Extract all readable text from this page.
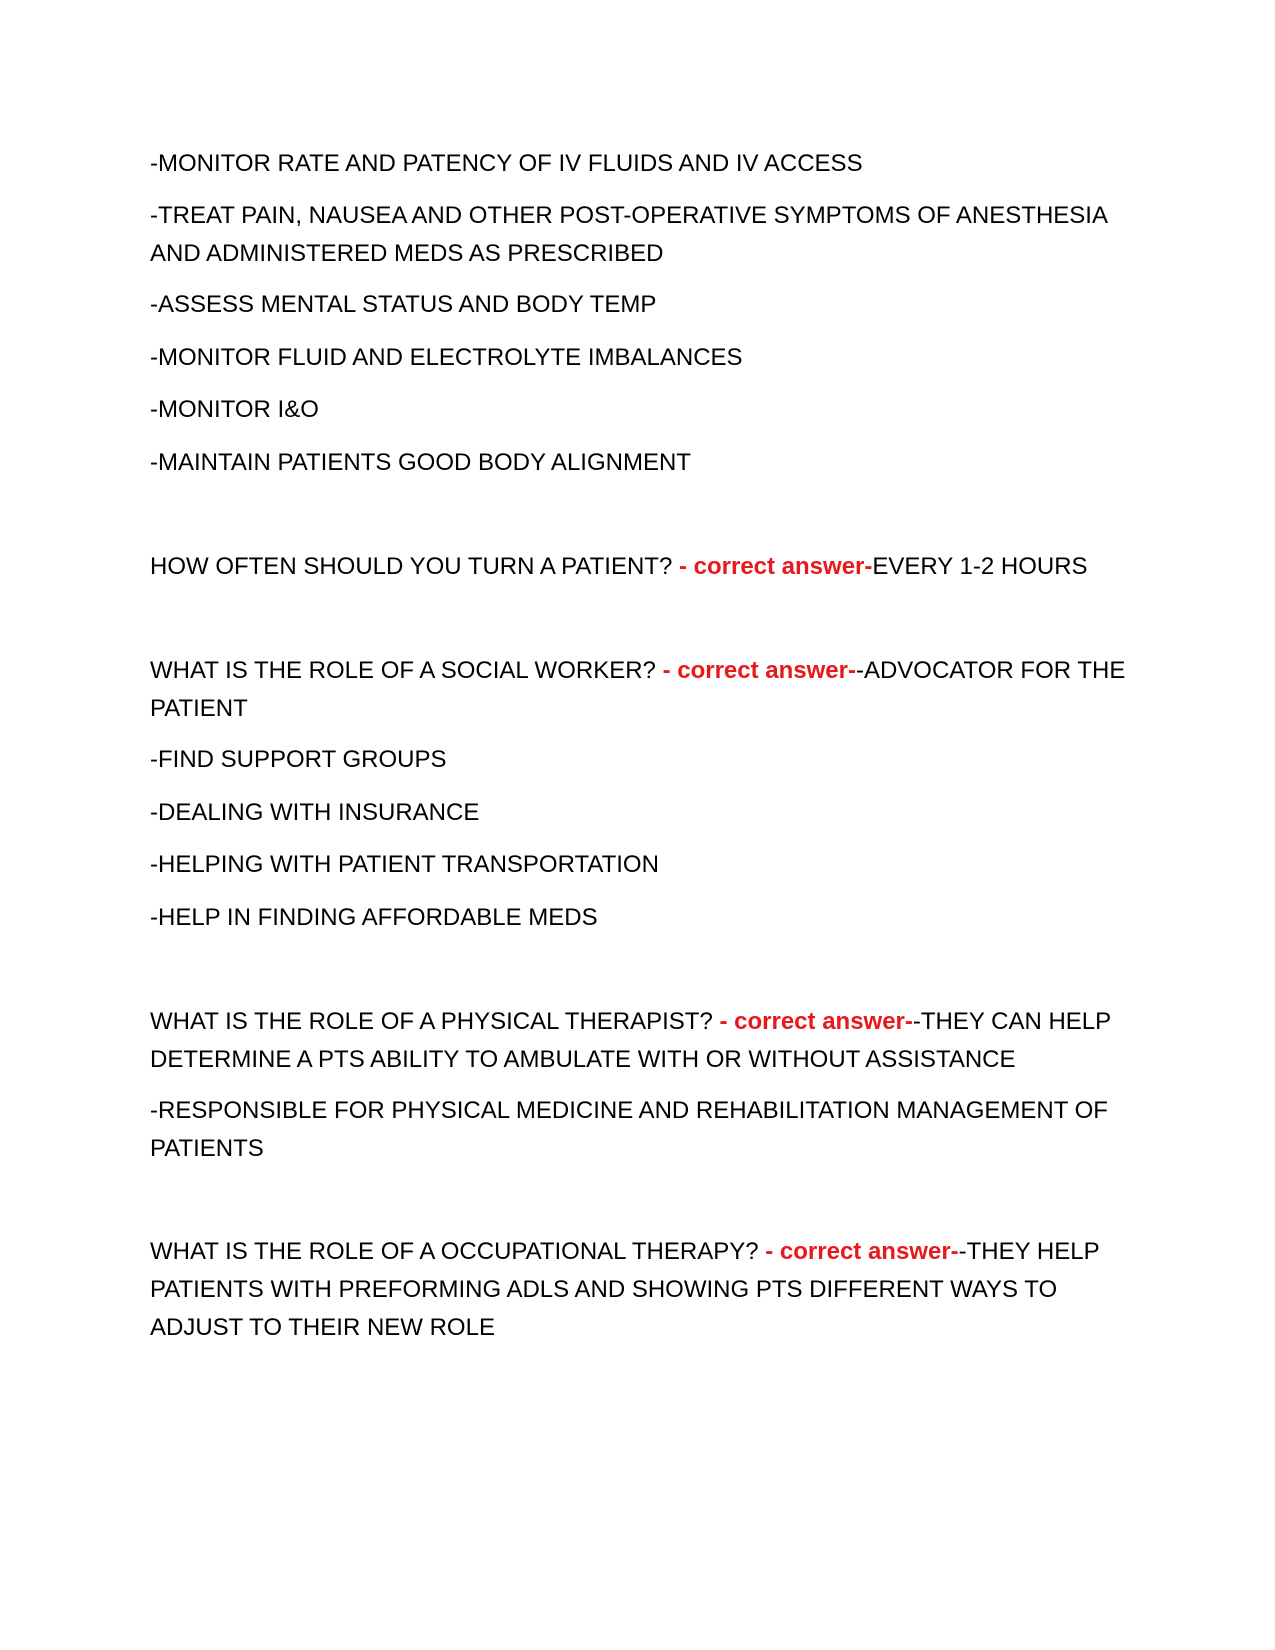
-MONITOR RATE AND PATENCY OF IV FLUIDS AND IV ACCESS

-TREAT PAIN, NAUSEA AND OTHER POST-OPERATIVE SYMPTOMS OF ANESTHESIA AND ADMINISTERED MEDS AS PRESCRIBED

-ASSESS MENTAL STATUS AND BODY TEMP

-MONITOR FLUID AND ELECTROLYTE IMBALANCES

-MONITOR I&O

-MAINTAIN PATIENTS GOOD BODY ALIGNMENT

HOW OFTEN SHOULD YOU TURN A PATIENT? - correct answer-EVERY 1-2 HOURS

WHAT IS THE ROLE OF A SOCIAL WORKER? - correct answer--ADVOCATOR FOR THE PATIENT

-FIND SUPPORT GROUPS

-DEALING WITH INSURANCE

-HELPING WITH PATIENT TRANSPORTATION

-HELP IN FINDING AFFORDABLE MEDS

WHAT IS THE ROLE OF A PHYSICAL THERAPIST? - correct answer--THEY CAN HELP DETERMINE A PTS ABILITY TO AMBULATE WITH OR WITHOUT ASSISTANCE

-RESPONSIBLE FOR PHYSICAL MEDICINE AND REHABILITATION MANAGEMENT OF PATIENTS

WHAT IS THE ROLE OF A OCCUPATIONAL THERAPY? - correct answer--THEY HELP PATIENTS WITH PREFORMING ADLS AND SHOWING PTS DIFFERENT WAYS TO ADJUST TO THEIR NEW ROLE
